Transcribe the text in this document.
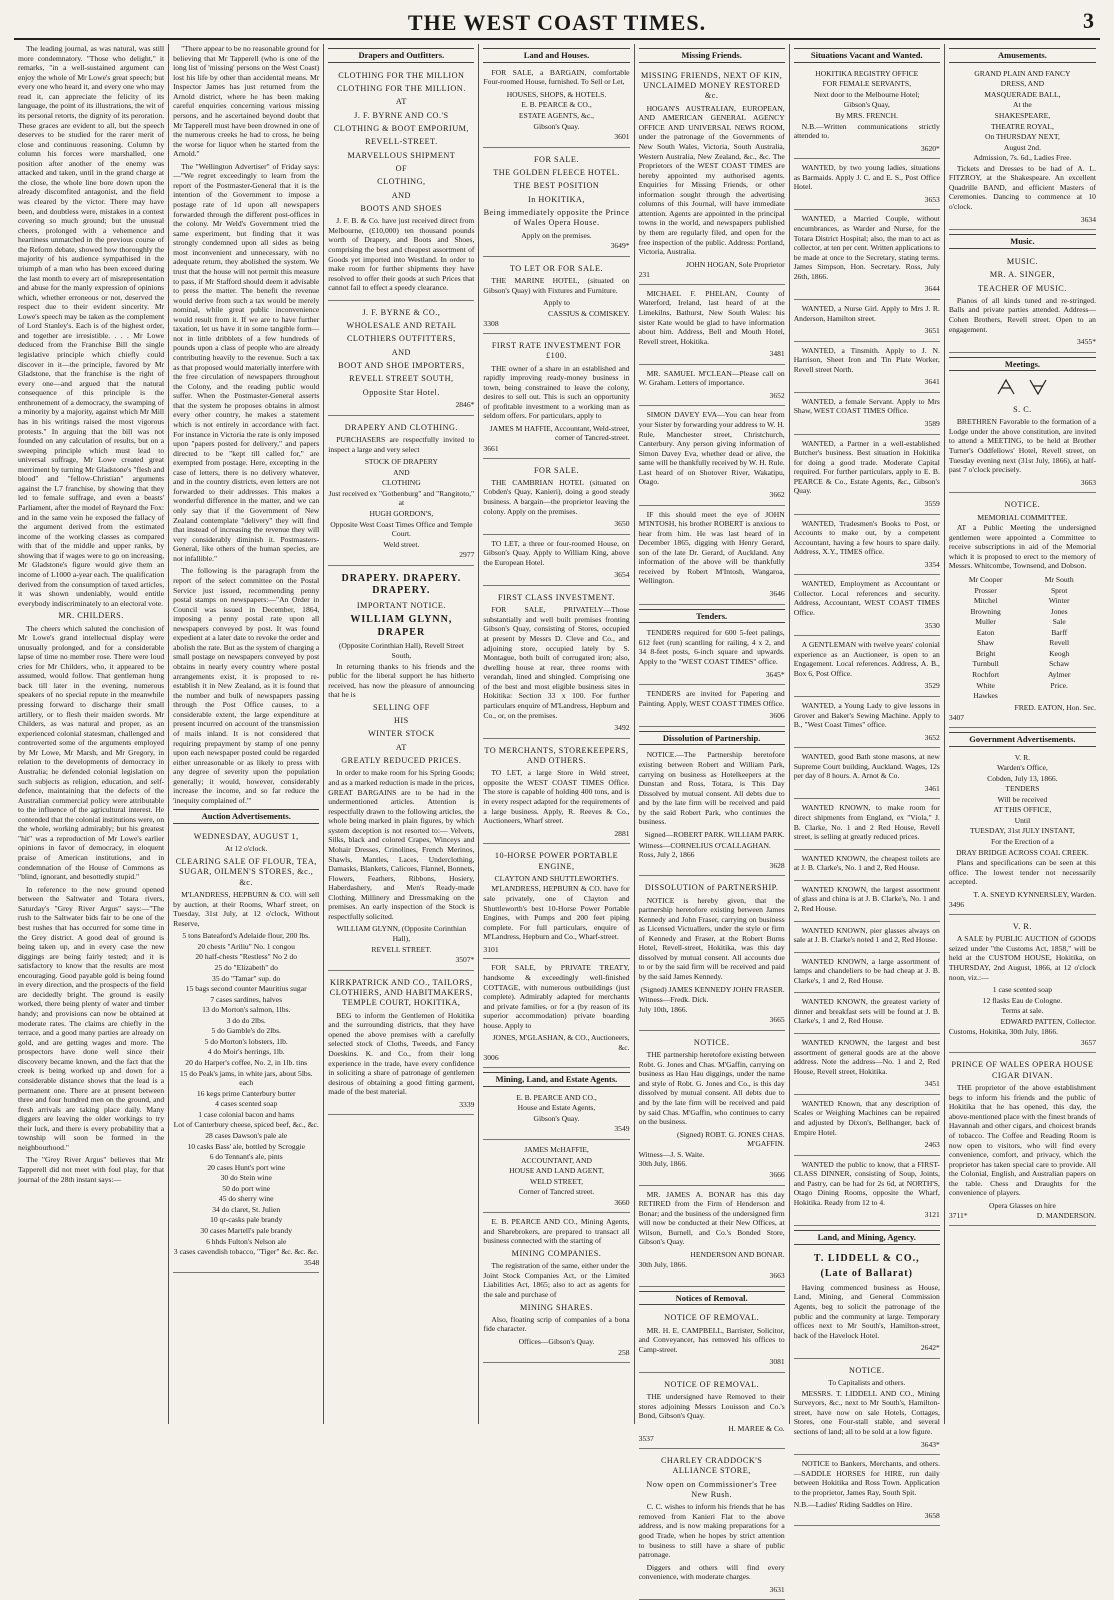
THE WEST COAST TIMES.	3

The leading journal, as was natural, was still more condemnatory. "Those who delight," it remarks, "in a well-sustained argument can enjoy the whole of Mr Lowe's great speech; but every one who heard it, and every one who may read it, can appreciate the felicity of its language, the point of its illustrations, the wit of its personal retorts, the dignity of its peroration. These graces are evident to all, but the speech deserves to be studied for the rarer merit of close and continuous reasoning. Column by column his forces were marshalled, one position after another of the enemy was attacked and taken, until in the grand charge at the close, the whole line bore down upon the already discomfited antagonist, and the field was cleared by the victor. There may have been, and doubtless were, mistakes in a contest covering so much ground; but the unusual cheers, prolonged with a vehemence and heartiness unmatched in the previous course of the Reform debate, showed how thoroughly the majority of his audience sympathised in the triumph of a man who has been exceed during the last month to every art of misrepresentation and abuse for the manly expression of opinions which, whether erroneous or not, deserved the respect due to their evident sincerity. Mr Lowe's speech may be taken as the complement of Lord Stanley's. Each is of the highest order, and together are irresistible. . . . Mr Lowe deduced from the Franchise Bill the single legislative principle which chiefly could discover in it—the principle, favored by Mr Gladstone, that the franchise is the right of every one—and argued that the natural consequence of this principle is the enthronement of a democracy, the swamping of a minority by a majority, against which Mr Mill has in his writings raised the most vigorous protests." In arguing that the bill was not founded on any calculation of results, but on a sweeping principle which must lead to universal suffrage, Mr Lowe created great merriment by turning Mr Gladstone's "flesh and blood" and "fellow-Christian" arguments against the L7 franchise, by showing that they led to female suffrage, and even a beasts' Parliament, after the model of Reynard the Fox: and in the same vein he exposed the fallacy of the argument derived from the estimated income of the working classes as compared with that of the middle and upper ranks, by showing that if wages were to go on increasing, Mr Gladstone's figure would give them an income of L1000 a-year each. The qualification derived from the consumption of taxed articles, it was shown undeniably, would entitle everybody indiscriminately to an electoral vote.

MR. CHILDERS.

The cheers which saluted the conclusion of Mr Lowe's grand intellectual display were unusually prolonged, and for a considerable lapse of time no member rose. There were loud cries for Mr Childers, who, it appeared to be assumed, would follow. That gentleman hung back till later in the evening, numerous speakers of no special repute in the meanwhile pressing forward to discharge their small artillery, or to flesh their maiden swords. Mr Childers, as was natural and proper, as an experienced colonial statesman, challenged and controverted some of the arguments employed by Mr Lowe, Mr Marsh, and Mr Gregory, in relation to the developments of democracy in Australia; he defended colonial legislation on such subjects as religion, education, and self-defence, maintaining that the defects of the Australian commercial policy were attributable to the influence of the agricultural interest. He contended that the colonial institutions were, on the whole, working admirably; but his greatest "hit" was a reproduction of Mr Lowe's earlier opinions in favor of democracy, in eloquent praise of American institutions, and in condemnation of the House of Commons as "blind, ignorant, and besottedly stupid."

In reference to the new ground opened between the Saltwater and Totara rivers, Saturday's "Grey River Argus" says:—"The rush to the Saltwater bids fair to be one of the best rushes that has occurred for some time in the Grey district. A good deal of ground is being taken up, and in every case the new diggings are being fairly tested; and it is satisfactory to know that the results are most encouraging. Good payable gold is being found in every direction, and the prospects of the field are decidedly bright. The ground is easily worked, there being plenty of water and timber handy; and provisions can now be obtained at moderate rates. The claims are chiefly in the terrace, and a good many parties are already on gold, and are getting wages and more. The prospectors have done well since their discovery became known, and the fact that the creek is being worked up and down for a considerable distance shows that the lead is a permanent one. There are at present between three and four hundred men on the ground, and fresh arrivals are taking place daily. Many diggers are leaving the older workings to try their luck, and there is every probability that a township will soon be formed in the neighbourhood."

The "Grey River Argus" believes that Mr Tapperell did not meet with foul play, for that journal of the 28th instant says:—

"There appear to be no reasonable ground for believing that Mr Tapperell (who is one of the long list of 'missing' persons on the West Coast) lost his life by other than accidental means. Mr Inspector James has just returned from the Arnold district, where he has been making careful enquiries concerning various missing persons, and he ascertained beyond doubt that Mr Tapperell must have been drowned in one of the numerous creeks he had to cross, he being the worse for liquor when he started from the Arnold."

The "Wellington Advertiser" of Friday says:—"We regret exceedingly to learn from the report of the Postmaster-General that it is the intention of the Government to impose a postage rate of 1d upon all newspapers forwarded through the different post-offices in the colony. Mr Weld's Government tried the same experiment, but finding that it was strongly condemned upon all sides as being most inconvenient and unnecessary, with no adequate return, they abolished the system. We trust that the house will not permit this measure to pass, if Mr Stafford should deem it advisable to press the matter. The benefit the revenue would derive from such a tax would be merely nominal, while great public inconvenience would result from it. If we are to have further taxation, let us have it in some tangible form—not in little dribblets of a few hundreds of pounds upon a class of people who are already contributing heavily to the revenue. Such a tax as that proposed would materially interfere with the free circulation of newspapers throughout the Colony, and the reading public would suffer. When the Postmaster-General asserts that the system he proposes obtains in almost every other country, he makes a statement which is not entirely in accordance with fact. For instance in Victoria the rate is only imposed upon "papers posted for delivery," and papers directed to be "kept till called for," are exempted from postage. Here, excepting in the case of letters, there is no delivery whatever, and in the country districts, even letters are not forwarded to their addresses. This makes a wonderful difference in the matter, and we can only say that if the Government of New Zealand contemplate "delivery" they will find that instead of increasing the revenue they will very considerably diminish it. Postmasters-General, like others of the human species, are not infallible."

The following is the paragraph from the report of the select committee on the Postal Service just issued, recommending penny postal stamps on newspapers:—"An Order in Council was issued in December, 1864, imposing a penny postal rate upon all newspapers conveyed by post. It was found expedient at a later date to revoke the order and abolish the rate. But as the system of charging a small postage on newspapers conveyed by post obtains in nearly every country where postal arrangements exist, it is proposed to re-establish it in New Zealand, as it is found that the number and bulk of newspapers passing through the Post Office causes, to a considerable extent, the large expenditure at present incurred on account of the transmission of mails inland. It is not considered that requiring prepayment by stamp of one penny upon each newspaper posted could be regarded either unreasonable or as likely to press with any degree of severity upon the population generally; it would, however, considerably increase the income, and so far reduce the 'inequity complained of.'"

Auction Advertisements.
WEDNESDAY, AUGUST 1,
At 12 o'clock.
CLEARING SALE OF FLOUR, TEA, SUGAR, OILMEN'S STORES, &c., &c.

M'LANDRESS, HEPBURN & CO. will sell by auction, at their Rooms, Wharf street, on Tuesday, 31st July, at 12 o'clock, Without Reserve,

5 tons Bateaford's Adelaide flour, 200 lbs.
20 chests "Ariliu" No. 1 congou
20 half-chests "Restless" No 2 do
25 do "Elizabeth" do
35 do "Tamar" sup. do
15 bags second counter Mauritius sugar
7 cases sardines, halves
13 do Morton's salmon, 1lbs.
3 do do 2lbs.
5 do Gamble's do 2lbs.
5 do Morton's lobsters, 1lb.
4 do Moir's herrings, 1lb.
20 do Harper's coffee, No. 2, in 1lb. tins
15 do Peak's jams, in white jars, about 5lbs. each
16 kegs prime Canterbury butter
4 cases scented soap
1 case colonial bacon and hams
Lot of Canterbury cheese, spiced beef, &c., &c.
28 cases Dawson's pale ale
10 casks Bass' ale, bottled by Scroggie
6 do Tennant's ale, pints
20 cases Hunt's port wine
30 do Stein wine
50 do port wine
45 do sherry wine
34 do claret, St. Julien
10 qr-casks pale brandy
30 cases Martell's pale brandy
6 hhds Fulton's Nelson ale
3 cases cavendish tobacco, "Tiger" &c. &c. &c.
3548
Drapers and Outfitters.
CLOTHING FOR THE MILLION
CLOTHING FOR THE MILLION.
AT
J. F. BYRNE AND CO.'S
CLOTHING & BOOT EMPORIUM,
REVELL-STREET.
MARVELLOUS SHIPMENT
OF
CLOTHING,
AND
BOOTS AND SHOES

J. F. B. & Co. have just received direct from Melbourne, (£10,000) ten thousand pounds worth of Drapery, and Boots and Shoes, comprising the best and cheapest assortment of Goods yet imported into Westland. In order to make room for further shipments they have resolved to offer their goods at such Prices that cannot fail to effect a speedy clearance.

J. F. BYRNE & CO.,
WHOLESALE AND RETAIL
CLOTHIERS OUTFITTERS,
AND
BOOT AND SHOE IMPORTERS,
REVELL STREET SOUTH,
Opposite Star Hotel.
2846*
DRAPERY AND CLOTHING.

PURCHASERS are respectfully invited to inspect a large and very select

STOCK OF DRAPERY
AND
CLOTHING
Just received ex "Gothenburg" and "Rangitoto," at
HUGH GORDON'S,
Opposite West Coast Times Office and Temple Court.
Weld street.
2977
DRAPERY. DRAPERY. DRAPERY.
IMPORTANT NOTICE.
WILLIAM GLYNN, DRAPER
(Opposite Corinthian Hall), Revell Street South,

In returning thanks to his friends and the public for the liberal support he has hitherto received, has now the pleasure of announcing that he is

SELLING OFF
HIS
WINTER STOCK
AT
GREATLY REDUCED PRICES.

In order to make room for his Spring Goods; and as a marked reduction is made in the prices, GREAT BARGAINS are to be had in the undermentioned articles. Attention is respectfully drawn to the following articles, the whole being marked in plain figures, by which system deception is not resorted to:— Velvets, Silks, black and colored Crapes, Winceys and Mohair Dresses, Crinolines, French Merinos, Shawls, Mantles, Laces, Underclothing, Damasks, Blankets, Calicoes, Flannel, Bonnets, Flowers, Feathers, Ribbons, Hosiery, Haberdashery, and Men's Ready-made Clothing. Millinery and Dressmaking on the premises. An early inspection of the Stock is respectfully solicited.

WILLIAM GLYNN, (Opposite Corinthian Hall),
REVELL STREET.
3507*
KIRKPATRICK AND CO., TAILORS, CLOTHIERS, AND HABITMAKERS, TEMPLE COURT, HOKITIKA,

BEG to inform the Gentlemen of Hokitika and the surrounding districts, that they have opened the above premises with a carefully selected stock of Cloths, Tweeds, and Fancy Doeskins. K. and Co., from their long experience in the trade, have every confidence in soliciting a share of patronage of gentlemen desirous of obtaining a good fitting garment, made of the best material.

3339
Land and Houses.

FOR SALE, a BARGAIN, comfortable Four-roomed House, furnished. To Sell or Let,

HOUSES, SHOPS, & HOTELS.
E. B. PEARCE & CO.,
ESTATE AGENTS, &c.,
Gibson's Quay.
3601
FOR SALE.
THE GOLDEN FLEECE HOTEL.
THE BEST POSITION
In HOKITIKA,
Being immediately opposite the Prince of Wales Opera House.
Apply on the premises.
3649*
TO LET OR FOR SALE.

THE MARINE HOTEL, (situated on Gibson's Quay) with Fixtures and Furniture.

Apply to
CASSIUS & COMISKEY.
3308
FIRST RATE INVESTMENT FOR £100.

THE owner of a share in an established and rapidly improving ready-money business in town, being constrained to leave the colony, desires to sell out. This is such an opportunity of profitable investment to a working man as seldom offers. For particulars, apply to

JAMES M HAFFIE, Accountant, Weld-street, corner of Tancred-street.
3661
FOR SALE.

THE CAMBRIAN HOTEL (situated on Cobden's Quay, Kanieri), doing a good steady business. A bargain—the proprietor leaving the colony. Apply on the premises.

3650

TO LET, a three or four-roomed House, on Gibson's Quay. Apply to William King, above the European Hotel.

3654
FIRST CLASS INVESTMENT.

FOR SALE, PRIVATELY—Those substantially and well built premises fronting Gibson's Quay, consisting of Stores, occupied at present by Messrs D. Cleve and Co., and adjoining store, occupied lately by S. Montague, both built of corrugated iron; also, dwelling house at rear, three rooms with verandah, lined and shingled. Comprising one of the best and most eligible business sites in Hokitika: Section 33 x 100. For further particulars enquire of M'Landress, Hepburn and Co., or, on the premises.

3492
TO MERCHANTS, STOREKEEPERS, AND OTHERS.

TO LET, a large Store in Weld street, opposite the WEST COAST TIMES Office. The store is capable of holding 400 tons, and is in every respect adapted for the requirements of a large business. Apply, R. Reeves & Co., Auctioneers, Wharf street.

2881
10-HORSE POWER PORTABLE ENGINE,
CLAYTON AND SHUTTLEWORTH'S.

M'LANDRESS, HEPBURN & CO. have for sale privately, one of Clayton and Shuttleworth's best 10-Horse Power Portable Engines, with Pumps and 200 feet piping complete. For full particulars, enquire of M'Landress, Hepburn and Co., Wharf-street.

3101

FOR SALE, by PRIVATE TREATY, handsome & exceedingly well-finished COTTAGE, with numerous outbuildings (just complete). Admirably adapted for merchants and private families, or for a (by reason of its superior accommodation) private boarding house. Apply to

JONES, M'GLASHAN, & CO., Auctioneers, &c.
3006
Mining, Land, and Estate Agents.
E. B. PEARCE AND CO.,
House and Estate Agents,
Gibson's Quay.
3549
JAMES McHAFFIE,
ACCOUNTANT, AND
HOUSE AND LAND AGENT,
WELD STREET,
Corner of Tancred street.
3660

E. B. PEARCE AND CO., Mining Agents, and Sharebrokers, are prepared to transact all business connected with the starting of

MINING COMPANIES.

The registration of the same, either under the Joint Stock Companies Act, or the Limited Liabilities Act, 1865; also to act as agents for the sale and purchase of

MINING SHARES.

Also, floating scrip of companies of a bona fide character.

Offices—Gibson's Quay.
258
Missing Friends.
MISSING FRIENDS, NEXT OF KIN, UNCLAIMED MONEY RESTORED &c.

HOGAN'S AUSTRALIAN, EUROPEAN, AND AMERICAN GENERAL AGENCY OFFICE AND UNIVERSAL NEWS ROOM, under the patronage of the Governments of New South Wales, Victoria, South Australia, Western Australia, New Zealand, &c., &c. The Proprietors of the WEST COAST TIMES are hereby appointed my authorised agents. Enquiries for Missing Friends, or other information sought through the advertising columns of this Journal, will have immediate attention. Agents are appointed in the principal towns in the world, and newspapers published by them are regularly filed, and open for the free inspection of the public. Address: Portland, Victoria, Australia.

JOHN HOGAN, Sole Proprietor
231

MICHAEL F. PHELAN, County of Waterford, Ireland, last heard of at the Limekilns, Bathurst, New South Wales: his sister Kate would be glad to have information about him. Address, Bell and Mouth Hotel, Revell street, Hokitika.

3481

MR. SAMUEL M'CLEAN—Please call on W. Graham. Letters of importance.

3652

SIMON DAVEY EVA—You can hear from your Sister by forwarding your address to W. H. Rule, Manchester street, Christchurch, Canterbury. Any person giving information of Simon Davey Eva, whether dead or alive, the same will be thankfully received by W. H. Rule. Last heard of on Shotover River, Wakatipu, Otago.

3662

IF this should meet the eye of JOHN M'INTOSH, his brother ROBERT is anxious to hear from him. He was last heard of in December 1865, digging with Henry Gerard, son of the late Dr. Gerard, of Auckland. Any information of the above will be thankfully received by Robert M'Intosh, Wangaroa, Wellington.

3646
Tenders.

TENDERS required for 600 5-feet palings, 612 feet (run) scantling for railing, 4 x 2, and 34 8-feet posts, 6-inch square and upwards. Apply to the "WEST COAST TIMES" office.

3645*

TENDERS are invited for Papering and Painting. Apply, WEST COAST TIMES Office.

3606
Dissolution of Partnership.

NOTICE.—The Partnership heretofore existing between Robert and William Park, carrying on business as Hotelkeepers at the Dunstan and Ross, Totara, is This Day Dissolved by mutual consent. All debts due to and by the late firm will be received and paid by the said Robert Park, who continues the business.

Signed—ROBERT PARK. WILLIAM PARK.
Witness—CORNELIUS O'CALLAGHAN.
Ross, July 2, 1866
3628
DISSOLUTION of PARTNERSHIP.

NOTICE is hereby given, that the partnership heretofore existing between James Kennedy and John Fraser, carrying on business as Licensed Victuallers, under the style or firm of Kennedy and Fraser, at the Robert Burns Hotel, Revell-street, Hokitika, was this day dissolved by mutual consent. All accounts due to or by the said firm will be received and paid by the said James Kennedy.

(Signed) JAMES KENNEDY JOHN FRASER.
Witness—Fredk. Dick.
July 10th, 1866.
3665
NOTICE.

THE partnership heretofore existing between Robt. G. Jones and Chas. M'Gaffin, carrying on business as Hau Hau diggings, under the name and style of Robt. G. Jones and Co., is this day dissolved by mutual consent. All debts due to and by the late firm will be received and paid by said Chas. M'Gaffin, who continues to carry on the business.

(Signed) ROBT. G. JONES CHAS. M'GAFFIN.
Witness—J. S. Waite.
30th July, 1866.
3666

MR. JAMES A. BONAR has this day RETIRED from the Firm of Henderson and Bonar; and the business of the undersigned firm will now be conducted at their New Offices, at Wilson, Burnell, and Co.'s Bonded Store, Gibson's Quay.

HENDERSON AND BONAR.
30th July, 1866.
3663
Notices of Removal.
NOTICE OF REMOVAL.

MR. H. E. CAMPBELL, Barrister, Solicitor, and Conveyancer, has removed his offices to Camp-street.

3081
NOTICE OF REMOVAL.

THE undersigned have Removed to their stores adjoining Messrs Louisson and Co.'s Bond, Gibson's Quay.

H. MAREE & Co.
3537
CHARLEY CRADDOCK'S ALLIANCE STORE,
Now open on Commissioner's Tree New Rush.

C. C. wishes to inform his friends that he has removed from Kanieri Flat to the above address, and is now making preparations for a good Trade, when he hopes by strict attention to business to still have a share of public patronage.

Diggers and others will find every convenience, with moderate charges.

3631
Situations Vacant and Wanted.
HOKITIKA REGISTRY OFFICE
FOR FEMALE SERVANTS,
Next door to the Melbourne Hotel;
Gibson's Quay,
By MRS. FRENCH.

N.B.—Written communications strictly attended to.

3620*

WANTED, by two young ladies, situations as Barmaids. Apply J. C. and E. S., Post Office Hotel.

3653

WANTED, a Married Couple, without encumbrances, as Warder and Nurse, for the Totara District Hospital; also, the man to act as collector, at ten per cent. Written applications to be made at once to the Secretary, stating terms. James Simpson, Hon. Secretary. Ross, July 26th, 1866.

3644

WANTED, a Nurse Girl. Apply to Mrs J. R. Anderson, Hamilton street.

3651

WANTED, a Tinsmith. Apply to J. N. Harrison, Sheet Iron and Tin Plate Worker, Revell street North.

3641

WANTED, a female Servant. Apply to Mrs Shaw, WEST COAST TIMES Office.

3589

WANTED, a Partner in a well-established Butcher's business. Best situation in Hokitika for doing a good trade. Moderate Capital required. For further particulars, apply to E. B. PEARCE & Co., Estate Agents, &c., Gibson's Quay.

3559

WANTED, Tradesmen's Books to Post, or Accounts to make out, by a competent Accountant, having a few hours to spare daily. Address, X.Y., TIMES office.

3354

WANTED, Employment as Accountant or Collector. Local references and security. Address, Accountant, WEST COAST TIMES Office.

3530

A GENTLEMAN with twelve years' colonial experience as an Auctioneer, is open to an Engagement. Local references. Address, A. B., Box 6, Post Office.

3529

WANTED, a Young Lady to give lessons in Grover and Baker's Sewing Machine. Apply to B., "West Coast Times" office.

3652

WANTED, good Bath stone masons, at new Supreme Court building, Auckland. Wages, 12s per day of 8 hours. A. Arnot & Co.

3461

WANTED KNOWN, to make room for direct shipments from England, ex "Viola," J. B. Clarke, No. 1 and 2 Red House, Revell street, is selling at greatly reduced prices.

WANTED KNOWN, the cheapest toilets are at J. B. Clarke's, No. 1 and 2, Red House.

WANTED KNOWN, the largest assortment of glass and china is at J. B. Clarke's, No. 1 and 2, Red House.

WANTED KNOWN, pier glasses always on sale at J. B. Clarke's noted 1 and 2, Red House.

WANTED KNOWN, a large assortment of lamps and chandeliers to be had cheap at J. B. Clarke's, 1 and 2, Red House.

WANTED KNOWN, the greatest variety of dinner and breakfast sets will be found at J. B. Clarke's, 1 and 2, Red House.

WANTED KNOWN, the largest and best assortment of general goods are at the above address. Note the address—No. 1 and 2, Red House, Revell street, Hokitika.

3451

WANTED Known, that any description of Scales or Weighing Machines can be repaired and adjusted by Dixon's, Bellhanger, back of Empire Hotel.

2463

WANTED the public to know, that a FIRST-CLASS DINNER, consisting of Soup, Joints, and Pastry, can be had for 2s 6d, at NORTH'S, Otago Dining Rooms, opposite the Wharf, Hokitika. Ready from 12 to 4.

3121
Land, and Mining, Agency.
T. LIDDELL & CO.,
(Late of Ballarat)

Having commenced business as House, Land, Mining, and General Commission Agents, beg to solicit the patronage of the public and the community at large. Temporary offices next to Mr South's, Hamilton-street, back of the Havelock Hotel.

2642*
NOTICE.
To Capitalists and others.

MESSRS. T. LIDDELL AND CO., Mining Surveyors, &c., next to Mr South's, Hamilton-street, have now on sale Hotels, Cottages, Stores, one Four-stall stable, and several sections of land; all to be sold at a low figure.

3643*

NOTICE to Bankers, Merchants, and others.—SADDLE HORSES for HIRE, run daily between Hokitika and Ross Town. Application to the proprietor, James Ray, South Spit.

N.B.—Ladies' Riding Saddles on Hire.
3658
Amusements.
GRAND PLAIN AND FANCY
DRESS, AND
MASQUERADE BALL,
At the
SHAKESPEARE,
THEATRE ROYAL,
On THURSDAY NEXT,
August 2nd.
Admission, 7s. 6d., Ladies Free.

Tickets and Dresses to be had of A. L. FITZROY, at the Shakespeare. An excellent Quadrille BAND, and efficient Masters of Ceremonies. Dancing to commence at 10 o'clock.

3634
Music.
MUSIC.
MR. A. SINGER,
TEACHER OF MUSIC.

Pianos of all kinds tuned and re-stringed. Balls and private parties attended. Address—Cohen Brothers, Revell street. Open to an engagement.

3455*
Meetings.
S. C.

BRETHREN Favorable to the formation of a Lodge under the above constitution, are invited to attend a MEETING, to be held at Brother Turner's Oddfellows' Hotel, Revell street, on Tuesday evening next (31st July, 1866), at half-past 7 o'clock precisely.

3663
NOTICE.
MEMORIAL COMMITTEE.

AT a Public Meeting the undersigned gentlemen were appointed a Committee to receive subscriptions in aid of the Memorial which it is proposed to erect to the memory of Messrs. Whitcombe, Townsend, and Dobson.

Mr Cooper
Prosser
Mitchel
Browning
Muller
Eaton
Shaw
Bright
Turnbull
Rochfort
White
Hawkes
Mr South
Sprot
Winter
Jones
Sale
Barff
Revell
Keogh
Schaw
Aylmer
Price.
FRED. EATON, Hon. Sec.
3407
Government Advertisements.
V. R.
Warden's Office,
Cobden, July 13, 1866.
TENDERS
Will be received
AT THIS OFFICE,
Until
TUESDAY, 31st JULY INSTANT,
For the Erection of a
DRAY BRIDGE ACROSS COAL CREEK.

Plans and specifications can be seen at this office. The lowest tender not necessarily accepted.

T. A. SNEYD KYNNERSLEY, Warden.
3496
V. R.

A SALE by PUBLIC AUCTION of GOODS seized under "the Customs Act, 1858," will be held at the CUSTOM HOUSE, Hokitika, on THURSDAY, 2nd August, 1866, at 12 o'clock noon, viz.:—

1 case scented soap
12 flasks Eau de Cologne.
Terms at sale.
EDWARD PATTEN, Collector.
Customs, Hokitika, 30th July, 1866.
3657
PRINCE OF WALES OPERA HOUSE CIGAR DIVAN.

THE proprietor of the above establishment begs to inform his friends and the public of Hokitika that he has opened, this day, the above-mentioned place with the finest brands of Havannah and other cigars, and choicest brands of tobacco. The Coffee and Reading Room is now open to visitors, who will find every convenience, comfort, and privacy, which the proprietor has taken special care to provide. All the Colonial, English, and Australian papers on the table. Chess and Draughts for the convenience of players.

Opera Glasses on hire
3711*	D. MANDERSON.
